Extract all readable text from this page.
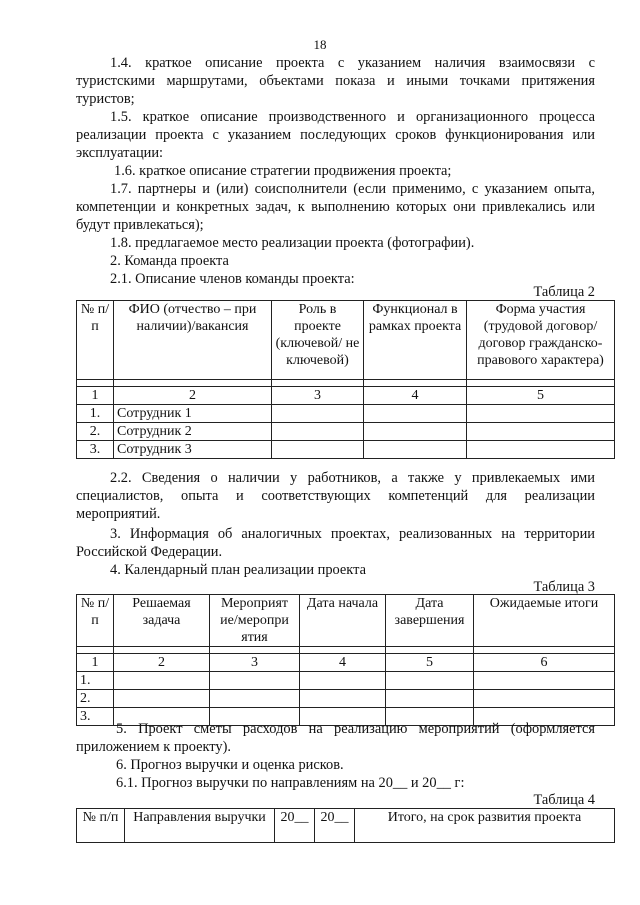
18
1.4. краткое описание проекта с указанием наличия взаимосвязи с
туристскими маршрутами, объектами показа и иными точками притяжения
туристов;
1.5. краткое описание производственного и организационного процесса
реализации проекта с указанием последующих сроков функционирования или
эксплуатации:
1.6. краткое описание стратегии продвижения проекта;
1.7. партнеры и (или) соисполнители (если применимо, с указанием опыта,
компетенции и конкретных задач, к выполнению которых они привлекались или
будут привлекаться);
1.8. предлагаемое место реализации проекта (фотографии).
2. Команда проекта
2.1. Описание членов команды проекта:
Таблица 2
№ п/п	ФИО (отчество – при наличии)/вакансия	Роль в проекте (ключевой/ не ключевой)	Функционал в рамках проекта	Форма участия (трудовой договор/договор гражданско-правового характера)

1	2	3	4	5
1.	Сотрудник 1			
2.	Сотрудник 2			
3.	Сотрудник 3			
2.2. Сведения о наличии у работников, а также у привлекаемых ими
специалистов, опыта и соответствующих компетенций для реализации
мероприятий.
3. Информация об аналогичных проектах, реализованных на территории
Российской Федерации.
4. Календарный план реализации проекта
Таблица 3
№ п/п	Решаемая задача	Мероприят ие/меропри ятия	Дата начала	Дата завершения	Ожидаемые итоги

1	2	3	4	5	6
1.					
2.					
3.					
5. Проект сметы расходов на реализацию мероприятий (оформляется
приложением к проекту).
6. Прогноз выручки и оценка рисков.
6.1. Прогноз выручки по направлениям на 20__ и 20__ г:
Таблица 4
№ п/п	Направления выручки	20__	20__	Итого, на срок развития проекта
